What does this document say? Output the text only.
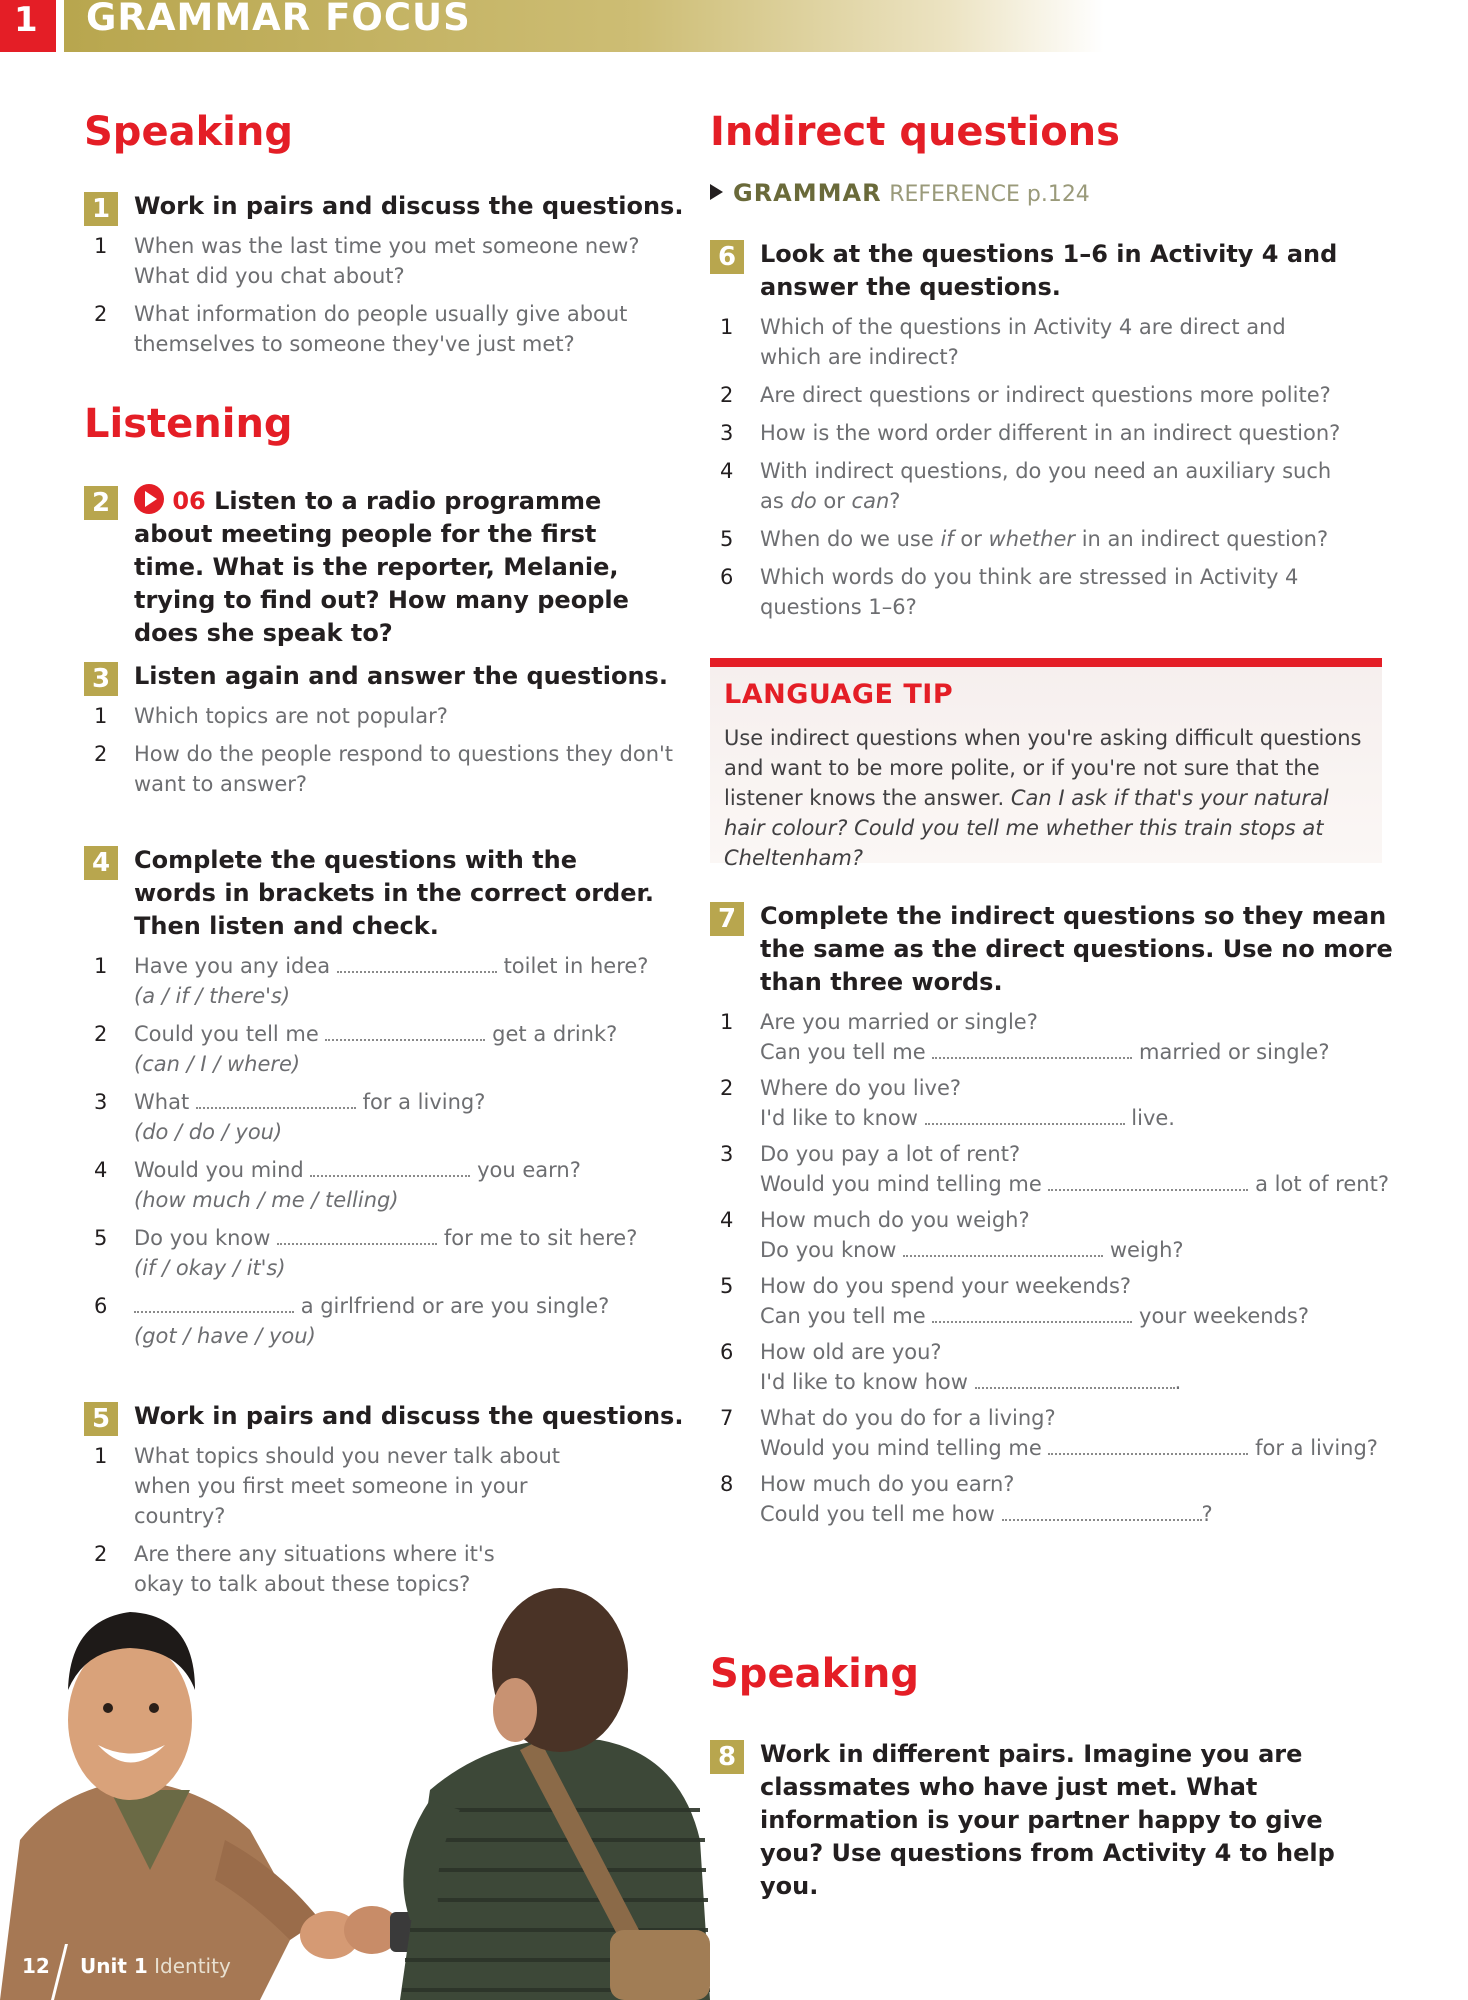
1	GRAMMAR FOCUS
Speaking
1 Work in pairs and discuss the questions.
1 When was the last time you met someone new? What did you chat about?
2 What information do people usually give about themselves to someone they've just met?
Listening
2	06 Listen to a radio programme about meeting people for the first time. What is the reporter, Melanie, trying to find out? How many people does she speak to?
3 Listen again and answer the questions.
1 Which topics are not popular?
2 How do the people respond to questions they don't want to answer?
4 Complete the questions with the words in brackets in the correct order. Then listen and check.
1 Have you any idea	toilet in here?
(a / if / there's)
2 Could you tell me	get a drink?
(can / I / where)
3 What	for a living?
(do / do / you)
4 Would you mind	you earn?
(how much / me / telling)
5 Do you know	for me to sit here?
(if / okay / it's)
6	a girlfriend or are you single?
(got / have / you)
5 Work in pairs and discuss the questions.
1 What topics should you never talk about when you first meet someone in your country?
2 Are there any situations where it's okay to talk about these topics?
12 Unit 1 Identity
Indirect questions
GRAMMAR REFERENCE p.124
6 Look at the questions 1–6 in Activity 4 and answer the questions.
1 Which of the questions in Activity 4 are direct and which are indirect?
2 Are direct questions or indirect questions more polite?
3 How is the word order different in an indirect question?
4 With indirect questions, do you need an auxiliary such as do or can?
5 When do we use if or whether in an indirect question?
6 Which words do you think are stressed in Activity 4 questions 1–6?
LANGUAGE TIP
Use indirect questions when you're asking difficult questions and want to be more polite, or if you're not sure that the listener knows the answer. Can I ask if that's your natural hair colour? Could you tell me whether this train stops at Cheltenham?
7 Complete the indirect questions so they mean the same as the direct questions. Use no more than three words.
1 Are you married or single?
Can you tell me	married or single?
2 Where do you live?
I'd like to know	live.
3 Do you pay a lot of rent?
Would you mind telling me	a lot of rent?
4 How much do you weigh?
Do you know	weigh?
5 How do you spend your weekends?
Can you tell me	your weekends?
6 How old are you?
I'd like to know how	.
7 What do you do for a living?
Would you mind telling me	for a living?
8 How much do you earn?
Could you tell me how	?
Speaking
8 Work in different pairs. Imagine you are classmates who have just met. What information is your partner happy to give you? Use questions from Activity 4 to help you.
